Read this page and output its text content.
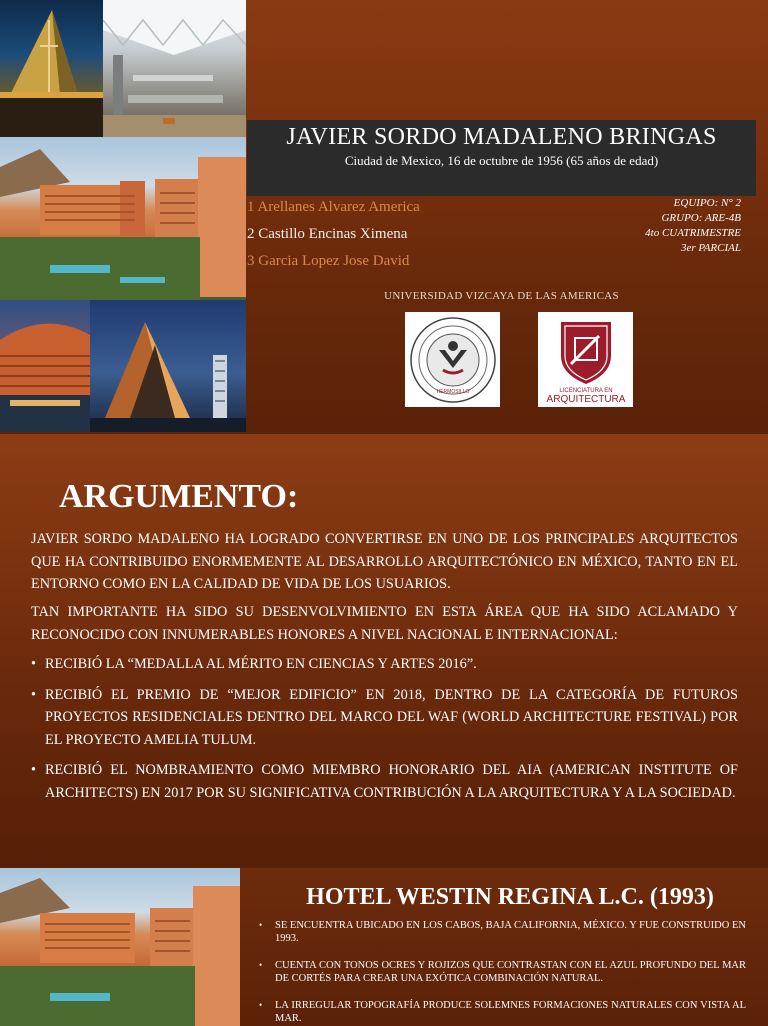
JAVIER SORDO MADALENO BRINGAS
Ciudad de Mexico, 16 de octubre de 1956 (65 años de edad)
1 Arellanes Alvarez America
2 Castillo Encinas Ximena
3 Garcia Lopez Jose David
EQUIPO: N° 2
GRUPO: ARE-4B
4to CUATRIMESTRE
3er PARCIAL
UNIVERSIDAD VIZCAYA DE LAS AMERICAS
HERMOSILLO	LICENCIATURA EN
ARQUITECTURA
ARGUMENTO:
JAVIER SORDO MADALENO HA LOGRADO CONVERTIRSE EN UNO DE LOS PRINCIPALES ARQUITECTOS QUE HA CONTRIBUIDO ENORMEMENTE AL DESARROLLO ARQUITECTÓNICO EN MÉXICO, TANTO EN EL ENTORNO COMO EN LA CALIDAD DE VIDA DE LOS USUARIOS.
TAN IMPORTANTE HA SIDO SU DESENVOLVIMIENTO EN ESTA ÁREA QUE HA SIDO ACLAMADO Y RECONOCIDO CON INNUMERABLES HONORES A NIVEL NACIONAL E INTERNACIONAL:
• RECIBIÓ LA “MEDALLA AL MÉRITO EN CIENCIAS Y ARTES 2016”.
• RECIBIÓ EL PREMIO DE “MEJOR EDIFICIO” EN 2018, DENTRO DE LA CATEGORÍA DE FUTUROS PROYECTOS RESIDENCIALES DENTRO DEL MARCO DEL WAF (WORLD ARCHITECTURE FESTIVAL) POR EL PROYECTO AMELIA TULUM.
• RECIBIÓ EL NOMBRAMIENTO COMO MIEMBRO HONORARIO DEL AIA (AMERICAN INSTITUTE OF ARCHITECTS) EN 2017 POR SU SIGNIFICATIVA CONTRIBUCIÓN A LA ARQUITECTURA Y A LA SOCIEDAD.
HOTEL WESTIN REGINA L.C. (1993)
• SE ENCUENTRA UBICADO EN LOS CABOS, BAJA CALIFORNIA, MÉXICO. Y FUE CONSTRUIDO EN 1993.
• CUENTA CON TONOS OCRES Y ROJIZOS QUE CONTRASTAN CON EL AZUL PROFUNDO DEL MAR DE CORTÉS PARA CREAR UNA EXÓTICA COMBINACIÓN NATURAL.
• LA IRREGULAR TOPOGRAFÍA PRODUCE SOLEMNES FORMACIONES NATURALES CON VISTA AL MAR.
